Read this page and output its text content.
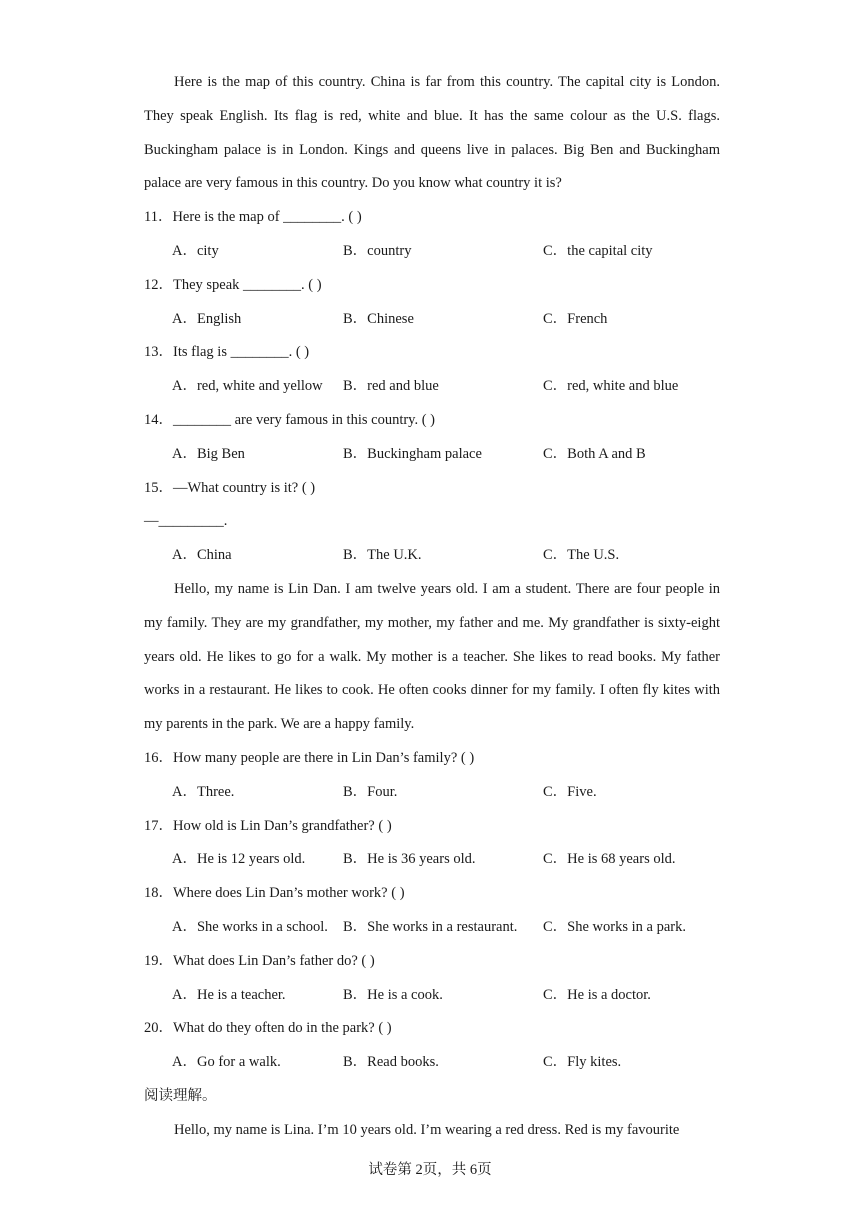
Here is the map of this country. China is far from this country. The capital city is London. They speak English. Its flag is red, white and blue. It has the same colour as the U.S. flags. Buckingham palace is in London. Kings and queens live in palaces. Big Ben and Buckingham palace are very famous in this country. Do you know what country it is?

11．Here is the map of ________. ( )
A．city	B．country	C．the capital city
12．They speak ________. ( )
A．English	B．Chinese	C．French
13．Its flag is ________. ( )
A．red, white and yellow B．red and blue	C．red, white and blue
14．________ are very famous in this country. ( )
A．Big Ben	B．Buckingham palace	C．Both A and B
15．—What country is it? ( )
—_________.
A．China	B．The U.K.	C．The U.S.

Hello, my name is Lin Dan. I am twelve years old. I am a student. There are four people in my family. They are my grandfather, my mother, my father and me. My grandfather is sixty-eight years old. He likes to go for a walk. My mother is a teacher. She likes to read books. My father works in a restaurant. He likes to cook. He often cooks dinner for my family. I often fly kites with my parents in the park. We are a happy family.

16．How many people are there in Lin Dan’s family? ( )
A．Three.	B．Four.	C．Five.
17．How old is Lin Dan’s grandfather? ( )
A．He is 12 years old.	B．He is 36 years old.	C．He is 68 years old.
18．Where does Lin Dan’s mother work? ( )
A．She works in a school. B．She works in a restaurant. C．She works in a park.
19．What does Lin Dan’s father do? ( )
A．He is a teacher.	B．He is a cook.	C．He is a doctor.
20．What do they often do in the park? ( )
A．Go for a walk.	B．Read books.	C．Fly kites.
阅读理解。

Hello, my name is Lina. I’m 10 years old. I’m wearing a red dress. Red is my favourite

试卷第 2页，共 6页
